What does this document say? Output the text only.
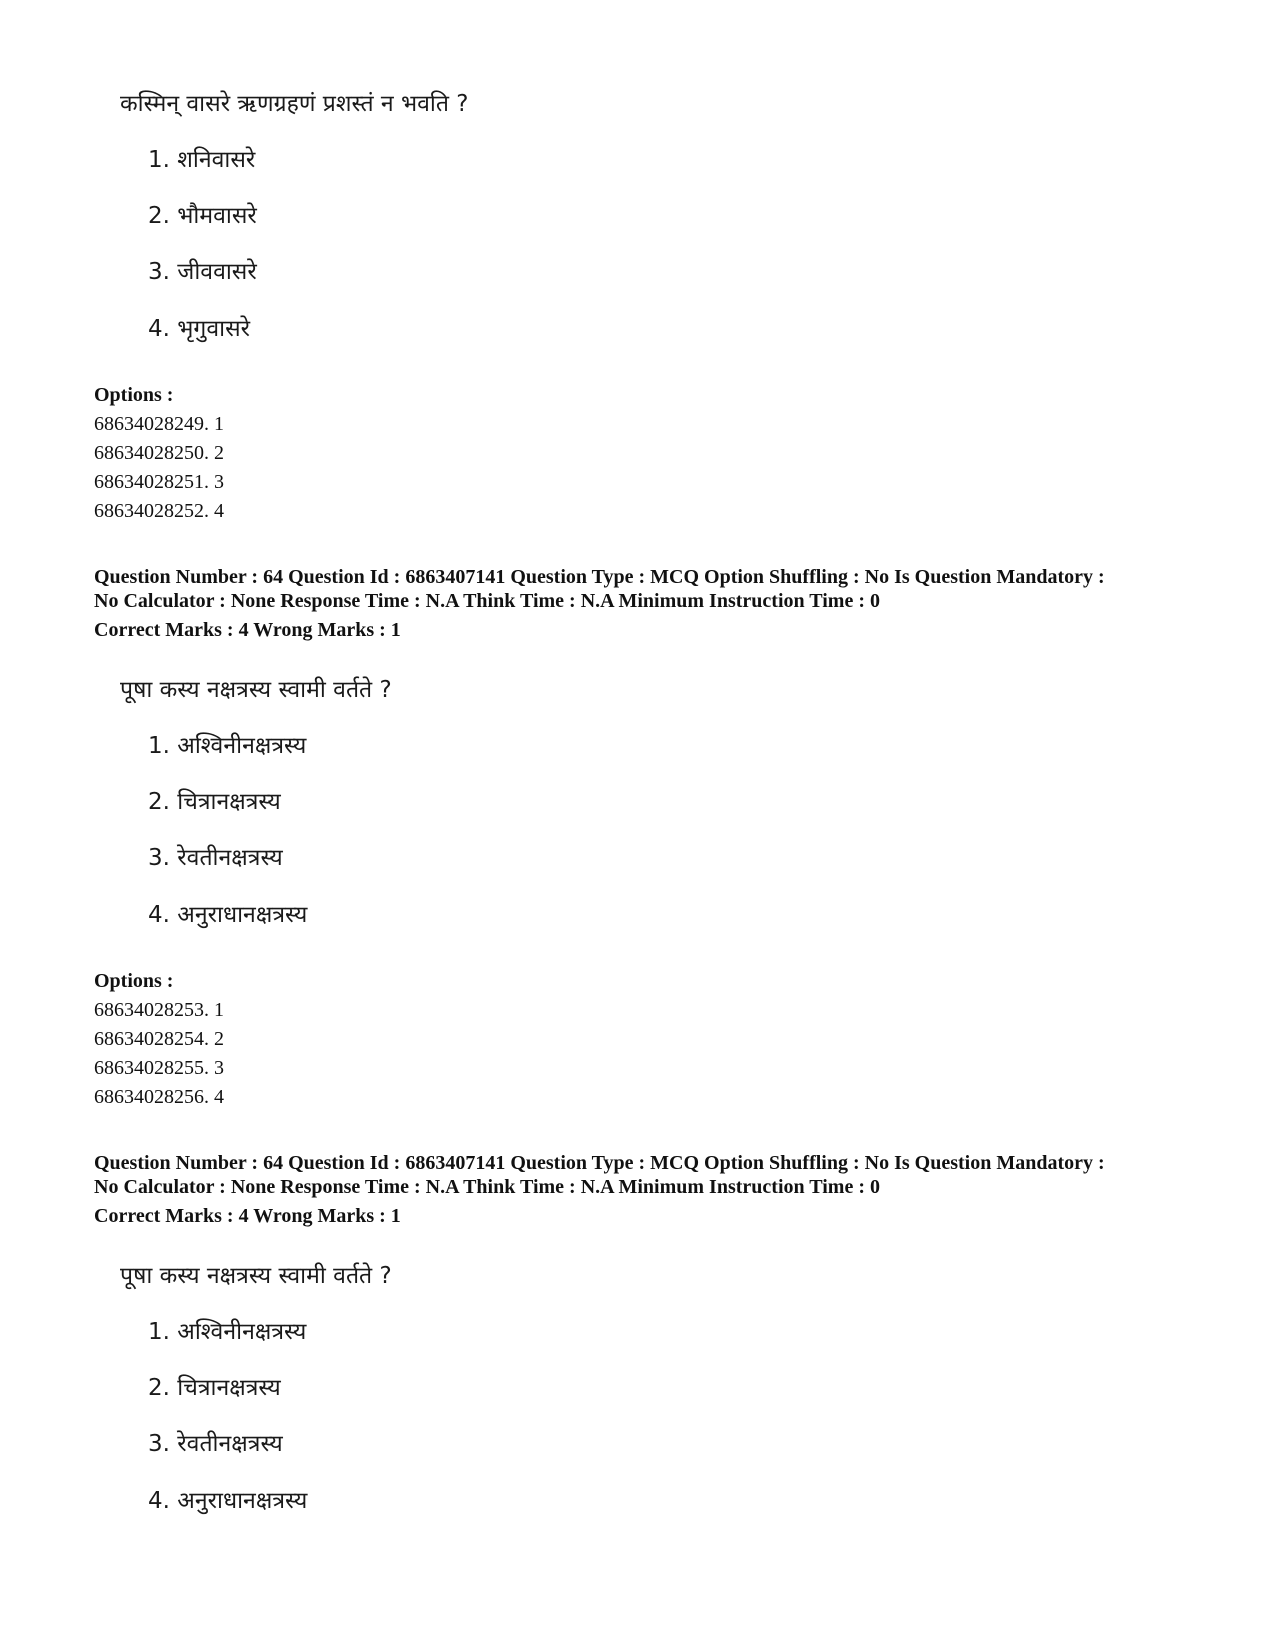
कस्मिन् वासरे ऋणग्रहणं प्रशस्तं न भवति ?
1. शनिवासरे
2. भौमवासरे
3. जीववासरे
4. भृगुवासरे
Options :
68634028249. 1
68634028250. 2
68634028251. 3
68634028252. 4
Question Number : 64 Question Id : 6863407141 Question Type : MCQ Option Shuffling : No Is Question Mandatory :
No Calculator : None Response Time : N.A Think Time : N.A Minimum Instruction Time : 0
Correct Marks : 4 Wrong Marks : 1
पूषा कस्य नक्षत्रस्य स्वामी वर्तते ?
1. अश्विनीनक्षत्रस्य
2. चित्रानक्षत्रस्य
3. रेवतीनक्षत्रस्य
4. अनुराधानक्षत्रस्य
Options :
68634028253. 1
68634028254. 2
68634028255. 3
68634028256. 4
Question Number : 64 Question Id : 6863407141 Question Type : MCQ Option Shuffling : No Is Question Mandatory :
No Calculator : None Response Time : N.A Think Time : N.A Minimum Instruction Time : 0
Correct Marks : 4 Wrong Marks : 1
पूषा कस्य नक्षत्रस्य स्वामी वर्तते ?
1. अश्विनीनक्षत्रस्य
2. चित्रानक्षत्रस्य
3. रेवतीनक्षत्रस्य
4. अनुराधानक्षत्रस्य
